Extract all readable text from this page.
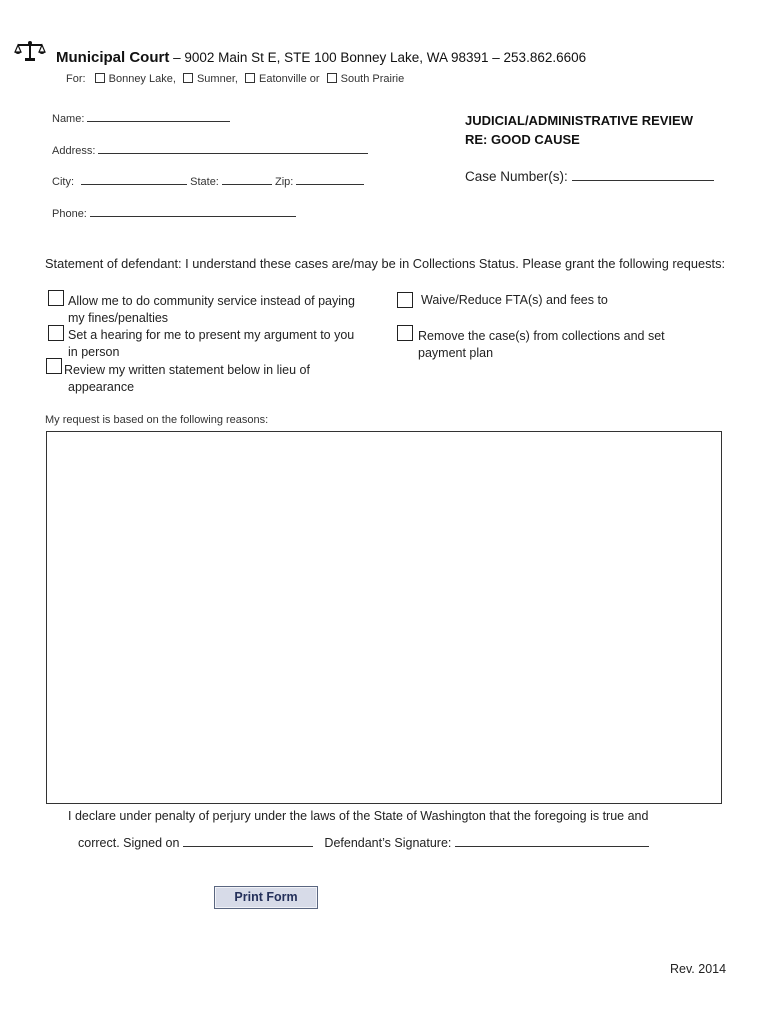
Municipal Court – 9002 Main St E, STE 100 Bonney Lake, WA 98391 – 253.862.6606
For: Bonney Lake, Sumner, Eatonville or South Prairie
Name:
Address:
City:	State:	Zip:
Phone:
JUDICIAL/ADMINISTRATIVE REVIEW
RE: GOOD CAUSE
Case Number(s):
Statement of defendant: I understand these cases are/may be in Collections Status. Please grant the following requests:
Allow me to do community service instead of paying
my fines/penalties
Set a hearing for me to present my argument to you
in person
Review my written statement below in lieu of
appearance
Waive/Reduce FTA(s) and fees to
Remove the case(s) from collections and set
payment plan
My request is based on the following reasons:
I declare under penalty of perjury under the laws of the State of Washington that the foregoing is true and
correct. Signed on	Defendant’s Signature:
Print Form
Rev. 2014
